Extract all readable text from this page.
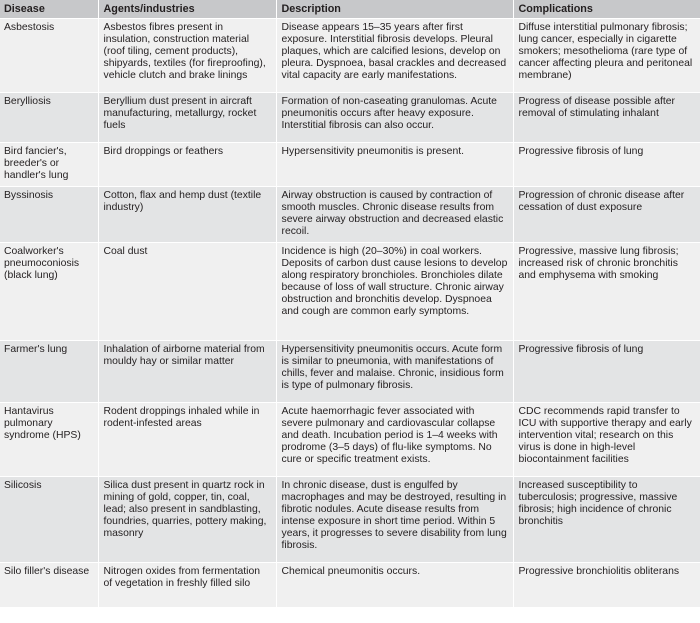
Disease	Agents/industries	Description	Complications
Asbestosis	Asbestos fibres present in insulation, construction material (roof tiling, cement products), shipyards, textiles (for fireproofing), vehicle clutch and brake linings	Disease appears 15–35 years after first exposure. Interstitial fibrosis develops. Pleural plaques, which are calcified lesions, develop on pleura. Dyspnoea, basal crackles and decreased vital capacity are early manifestations.	Diffuse interstitial pulmonary fibrosis; lung cancer, especially in cigarette smokers; mesothelioma (rare type of cancer affecting pleura and peritoneal membrane)
Berylliosis	Beryllium dust present in aircraft manufacturing, metallurgy, rocket fuels	Formation of non-caseating granulomas. Acute pneumonitis occurs after heavy exposure. Interstitial fibrosis can also occur.	Progress of disease possible after removal of stimulating inhalant
Bird fancier's, breeder's or handler's lung	Bird droppings or feathers	Hypersensitivity pneumonitis is present.	Progressive fibrosis of lung
Byssinosis	Cotton, flax and hemp dust (textile industry)	Airway obstruction is caused by contraction of smooth muscles. Chronic disease results from severe airway obstruction and decreased elastic recoil.	Progression of chronic disease after cessation of dust exposure
Coalworker's pneumoconiosis (black lung)	Coal dust	Incidence is high (20–30%) in coal workers. Deposits of carbon dust cause lesions to develop along respiratory bronchioles. Bronchioles dilate because of loss of wall structure. Chronic airway obstruction and bronchitis develop. Dyspnoea and cough are common early symptoms.	Progressive, massive lung fibrosis; increased risk of chronic bronchitis and emphysema with smoking
Farmer's lung	Inhalation of airborne material from mouldy hay or similar matter	Hypersensitivity pneumonitis occurs. Acute form is similar to pneumonia, with manifestations of chills, fever and malaise. Chronic, insidious form is type of pulmonary fibrosis.	Progressive fibrosis of lung
Hantavirus pulmonary syndrome (HPS)	Rodent droppings inhaled while in rodent-infested areas	Acute haemorrhagic fever associated with severe pulmonary and cardiovascular collapse and death. Incubation period is 1–4 weeks with prodrome (3–5 days) of flu-like symptoms. No cure or specific treatment exists.	CDC recommends rapid transfer to ICU with supportive therapy and early intervention vital; research on this virus is done in high-level biocontainment facilities
Silicosis	Silica dust present in quartz rock in mining of gold, copper, tin, coal, lead; also present in sandblasting, foundries, quarries, pottery making, masonry	In chronic disease, dust is engulfed by macrophages and may be destroyed, resulting in fibrotic nodules. Acute disease results from intense exposure in short time period. Within 5 years, it progresses to severe disability from lung fibrosis.	Increased susceptibility to tuberculosis; progressive, massive fibrosis; high incidence of chronic bronchitis
Silo filler's disease	Nitrogen oxides from fermentation of vegetation in freshly filled silo	Chemical pneumonitis occurs.	Progressive bronchiolitis obliterans
